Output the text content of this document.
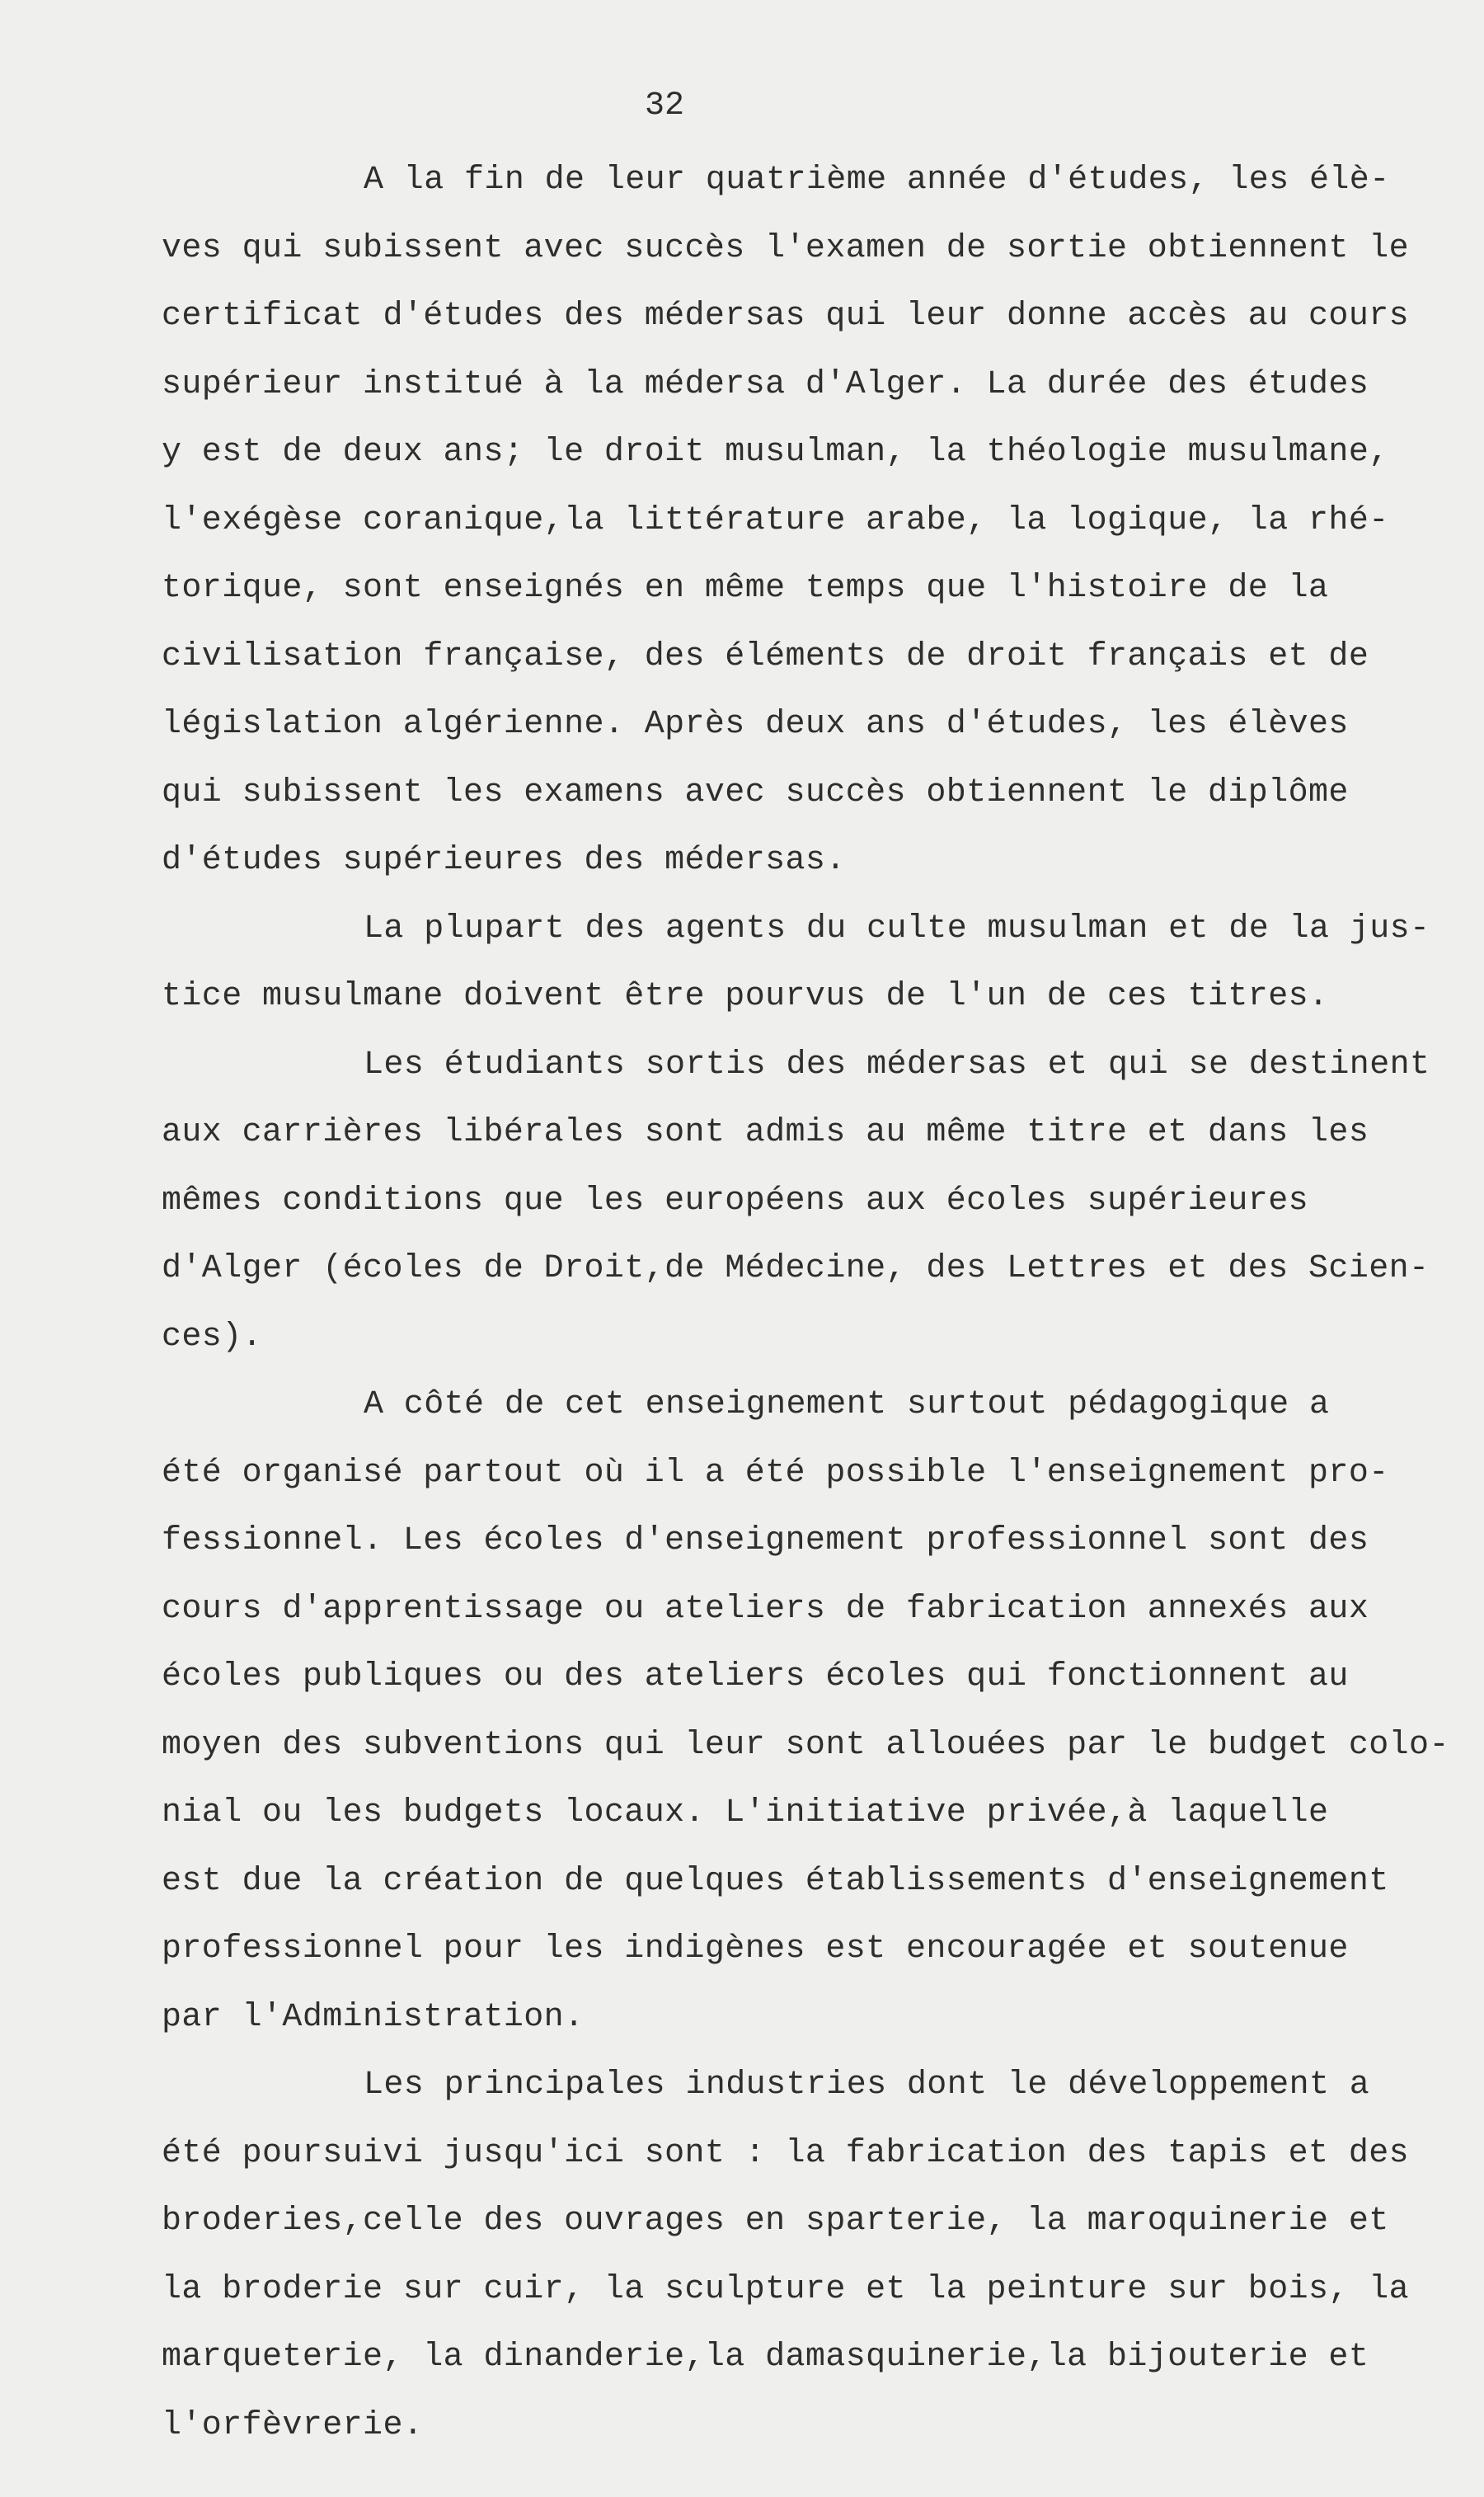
32
A la fin de leur quatrième année d'études, les élè-
ves qui subissent avec succès l'examen de sortie obtiennent le
certificat d'études des médersas qui leur donne accès au cours
supérieur institué à la médersa d'Alger. La durée des études
y est de deux ans; le droit musulman, la théologie musulmane,
l'exégèse coranique,la littérature arabe, la logique, la rhé-
torique, sont enseignés en même temps que l'histoire de la
civilisation française, des éléments de droit français et de
législation algérienne. Après deux ans d'études, les élèves
qui subissent les examens avec succès obtiennent le diplôme
d'études supérieures des médersas.
La plupart des agents du culte musulman et de la jus-
tice musulmane doivent être pourvus de l'un de ces titres.
Les étudiants sortis des médersas et qui se destinent
aux carrières libérales sont admis au même titre et dans les
mêmes conditions que les européens aux écoles supérieures
d'Alger (écoles de Droit,de Médecine, des Lettres et des Scien-
ces).
A côté de cet enseignement surtout pédagogique a
été organisé partout où il a été possible l'enseignement pro-
fessionnel. Les écoles d'enseignement professionnel sont des
cours d'apprentissage ou ateliers de fabrication annexés aux
écoles publiques ou des ateliers écoles qui fonctionnent au
moyen des subventions qui leur sont allouées par le budget colo-
nial ou les budgets locaux. L'initiative privée,à laquelle
est due la création de quelques établissements d'enseignement
professionnel pour les indigènes est encouragée et soutenue
par l'Administration.
Les principales industries dont le développement a
été poursuivi jusqu'ici sont : la fabrication des tapis et des
broderies,celle des ouvrages en sparterie, la maroquinerie et
la broderie sur cuir, la sculpture et la peinture sur bois, la
marqueterie, la dinanderie,la damasquinerie,la bijouterie et
l'orfèvrerie.
